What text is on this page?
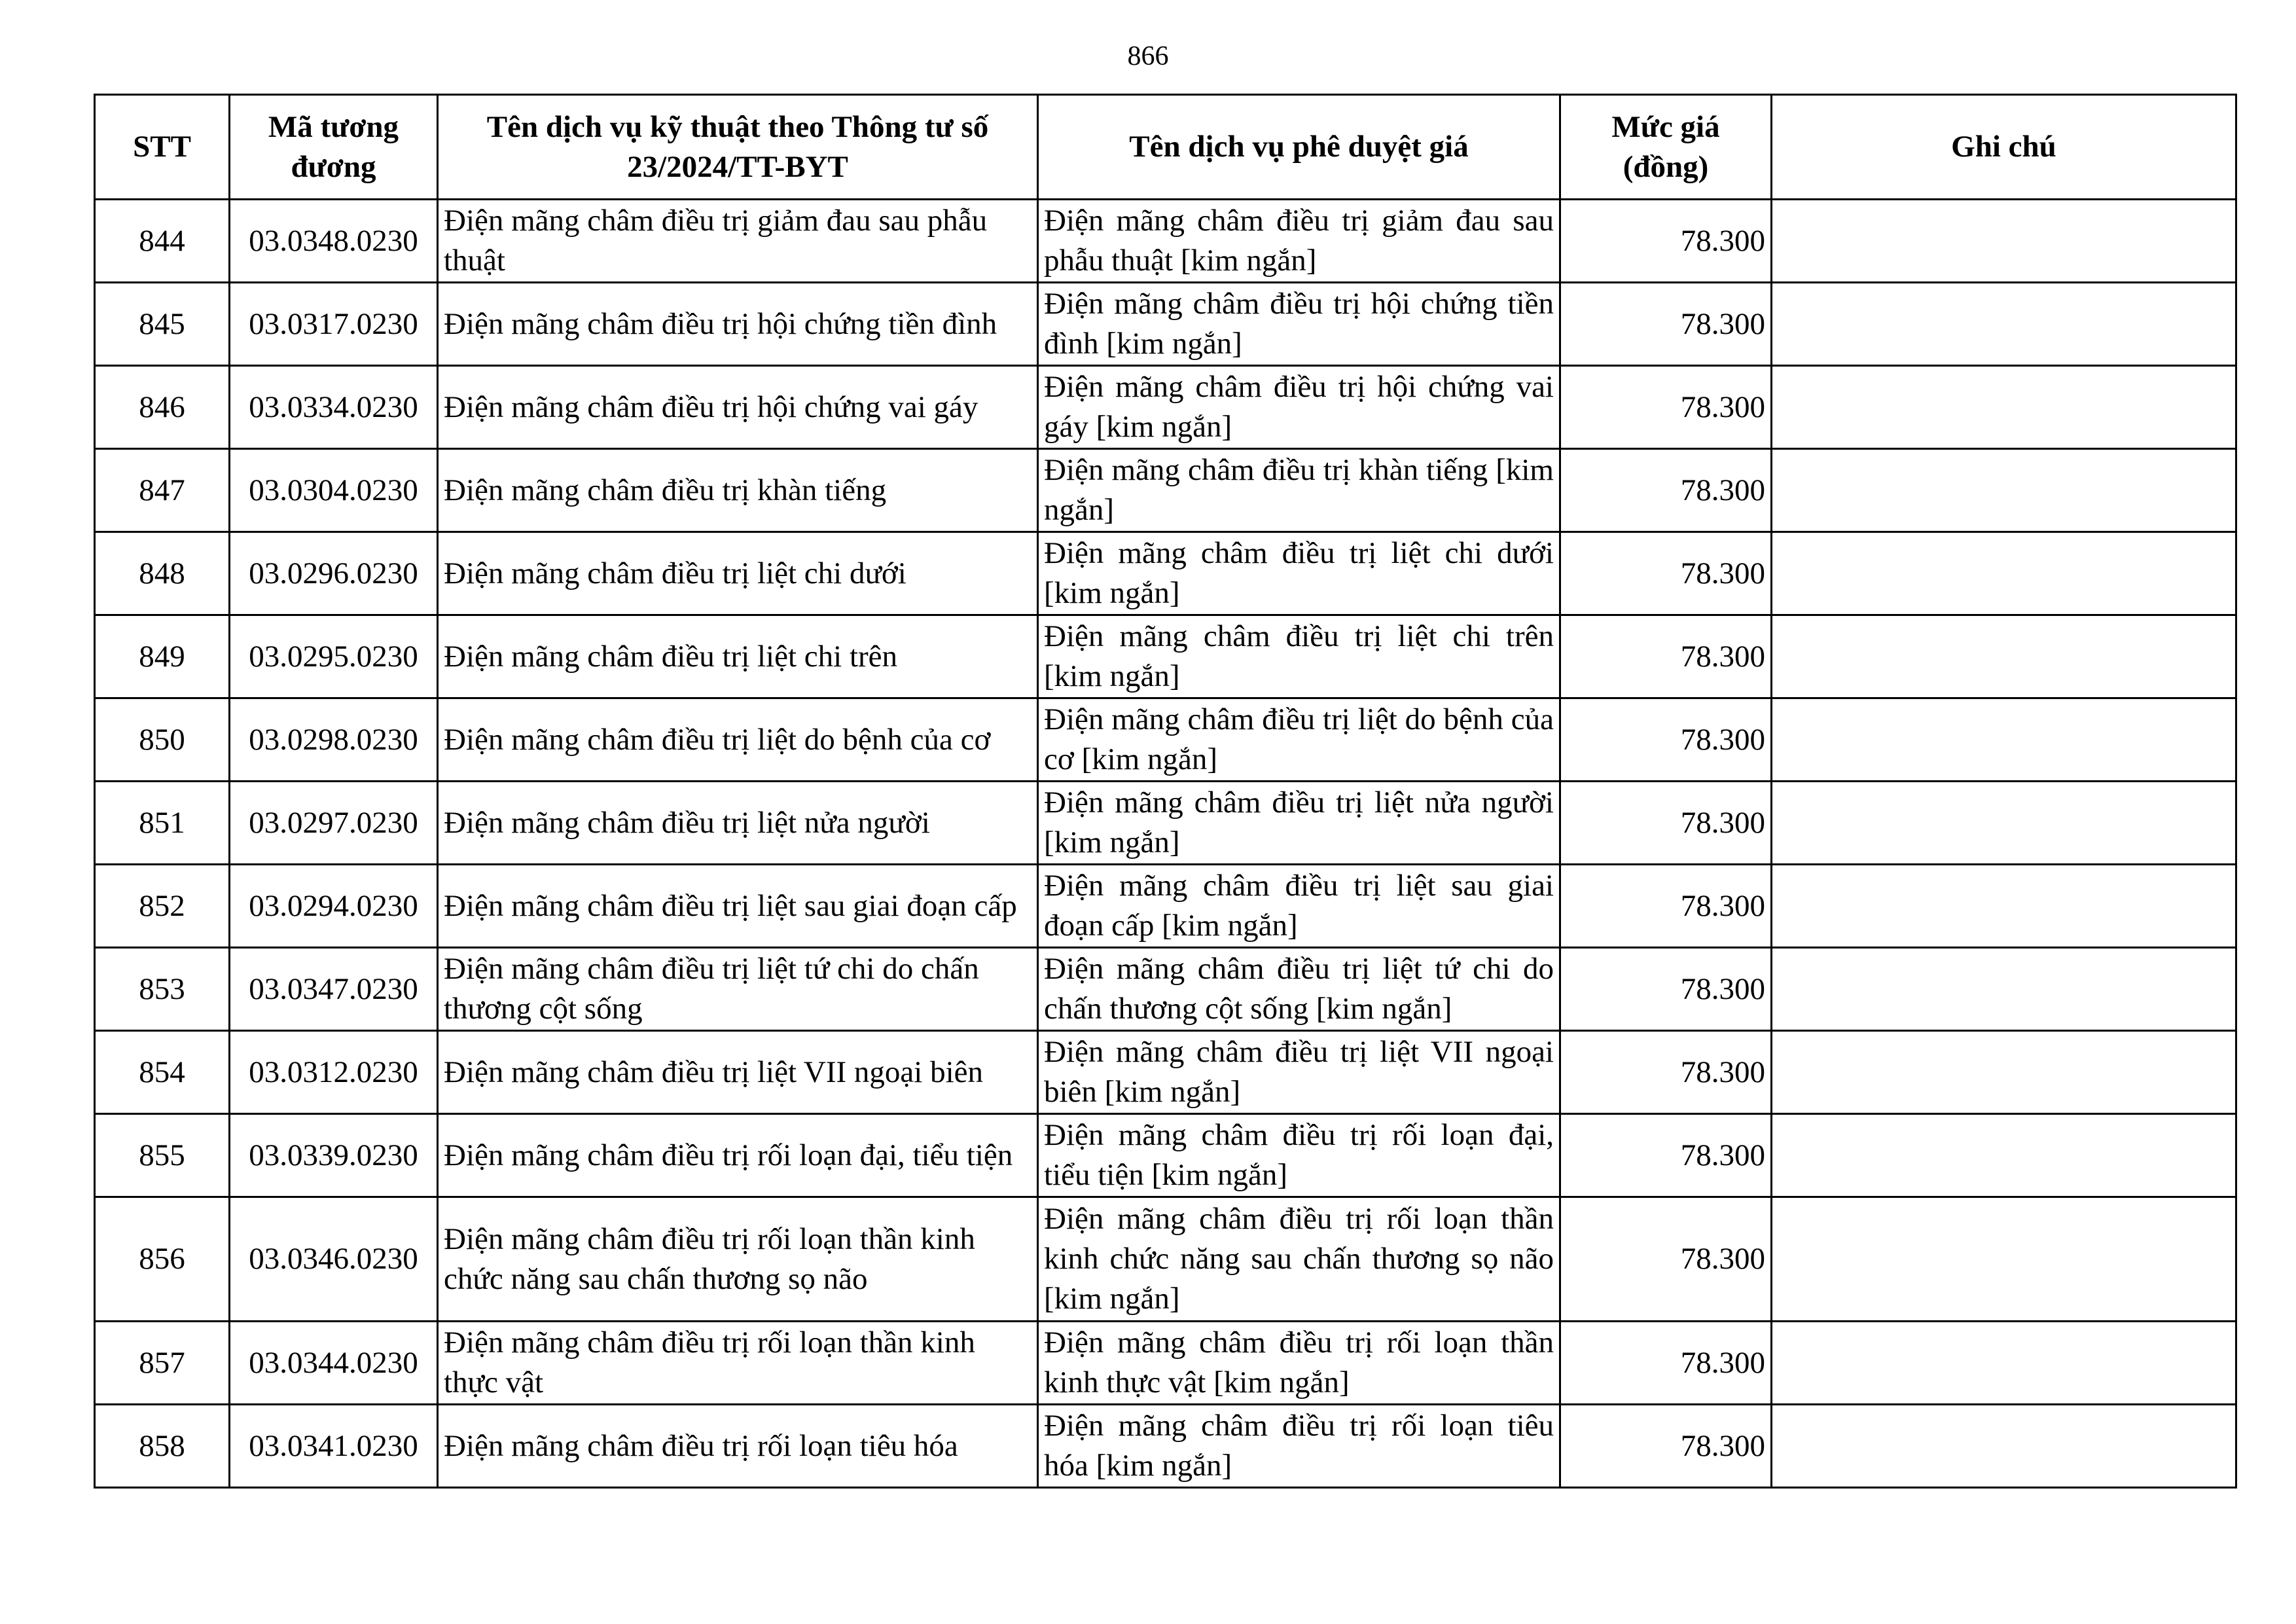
866
STT	Mã tương đương	Tên dịch vụ kỹ thuật theo Thông tư số 23/2024/TT-BYT	Tên dịch vụ phê duyệt giá	Mức giá (đồng)	Ghi chú
844	03.0348.0230	Điện mãng châm điều trị giảm đau sau phẫu thuật	Điện mãng châm điều trị giảm đau sau phẫu thuật [kim ngắn]	78.300	
845	03.0317.0230	Điện mãng châm điều trị hội chứng tiền đình	Điện mãng châm điều trị hội chứng tiền đình [kim ngắn]	78.300	
846	03.0334.0230	Điện mãng châm điều trị hội chứng vai gáy	Điện mãng châm điều trị hội chứng vai gáy [kim ngắn]	78.300	
847	03.0304.0230	Điện mãng châm điều trị khàn tiếng	Điện mãng châm điều trị khàn tiếng [kim ngắn]	78.300	
848	03.0296.0230	Điện mãng châm điều trị liệt chi dưới	Điện mãng châm điều trị liệt chi dưới [kim ngắn]	78.300	
849	03.0295.0230	Điện mãng châm điều trị liệt chi trên	Điện mãng châm điều trị liệt chi trên [kim ngắn]	78.300	
850	03.0298.0230	Điện mãng châm điều trị liệt do bệnh của cơ	Điện mãng châm điều trị liệt do bệnh của cơ [kim ngắn]	78.300	
851	03.0297.0230	Điện mãng châm điều trị liệt nửa người	Điện mãng châm điều trị liệt nửa người [kim ngắn]	78.300	
852	03.0294.0230	Điện mãng châm điều trị liệt sau giai đoạn cấp	Điện mãng châm điều trị liệt sau giai đoạn cấp [kim ngắn]	78.300	
853	03.0347.0230	Điện mãng châm điều trị liệt tứ chi do chấn thương cột sống	Điện mãng châm điều trị liệt tứ chi do chấn thương cột sống [kim ngắn]	78.300	
854	03.0312.0230	Điện mãng châm điều trị liệt VII ngoại biên	Điện mãng châm điều trị liệt VII ngoại biên [kim ngắn]	78.300	
855	03.0339.0230	Điện mãng châm điều trị rối loạn đại, tiểu tiện	Điện mãng châm điều trị rối loạn đại, tiểu tiện [kim ngắn]	78.300	
856	03.0346.0230	Điện mãng châm điều trị rối loạn thần kinh chức năng sau chấn thương sọ não	Điện mãng châm điều trị rối loạn thần kinh chức năng sau chấn thương sọ não [kim ngắn]	78.300	
857	03.0344.0230	Điện mãng châm điều trị rối loạn thần kinh thực vật	Điện mãng châm điều trị rối loạn thần kinh thực vật [kim ngắn]	78.300	
858	03.0341.0230	Điện mãng châm điều trị rối loạn tiêu hóa	Điện mãng châm điều trị rối loạn tiêu hóa [kim ngắn]	78.300	
